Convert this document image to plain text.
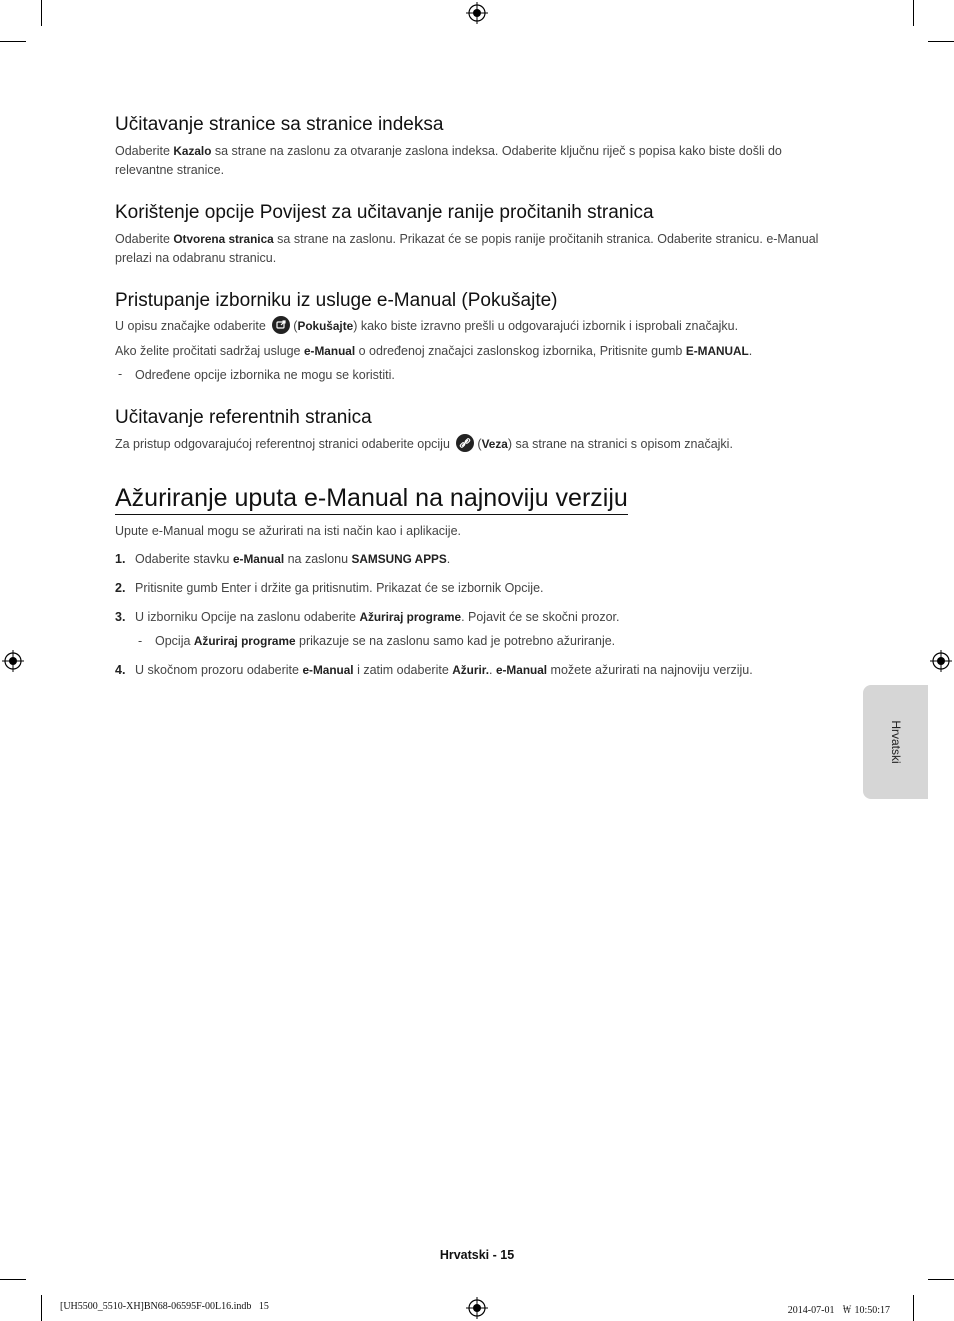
Učitavanje stranice sa stranice indeksa
Odaberite Kazalo sa strane na zaslonu za otvaranje zaslona indeksa. Odaberite ključnu riječ s popisa kako biste došli do
relevantne stranice.
Korištenje opcije Povijest za učitavanje ranije pročitanih stranica
Odaberite Otvorena stranica sa strane na zaslonu. Prikazat će se popis ranije pročitanih stranica. Odaberite stranicu. e-Manual
prelazi na odabranu stranicu.
Pristupanje izborniku iz usluge e-Manual (Pokušajte)
U opisu značajke odaberite (Pokušajte) kako biste izravno prešli u odgovarajući izbornik i isprobali značajku.
Ako želite pročitati sadržaj usluge e-Manual o određenoj značajci zaslonskog izbornika, Pritisnite gumb E-MANUAL.
- Određene opcije izbornika ne mogu se koristiti.
Učitavanje referentnih stranica
Za pristup odgovarajućoj referentnoj stranici odaberite opciju (Veza) sa strane na stranici s opisom značajki.
Ažuriranje uputa e-Manual na najnoviju verziju
Upute e-Manual mogu se ažurirati na isti način kao i aplikacije.
1. Odaberite stavku e-Manual na zaslonu SAMSUNG APPS.
2. Pritisnite gumb Enter i držite ga pritisnutim. Prikazat će se izbornik Opcije.
3. U izborniku Opcije na zaslonu odaberite Ažuriraj programe. Pojavit će se skočni prozor.
- Opcija Ažuriraj programe prikazuje se na zaslonu samo kad je potrebno ažuriranje.
4. U skočnom prozoru odaberite e-Manual i zatim odaberite Ažurir.. e-Manual možete ažurirati na najnoviju verziju.
Hrvatski
Hrvatski - 15
[UH5500_5510-XH]BN68-06595F-00L16.indb   15	2014-07-01   ￦ 10:50:17
